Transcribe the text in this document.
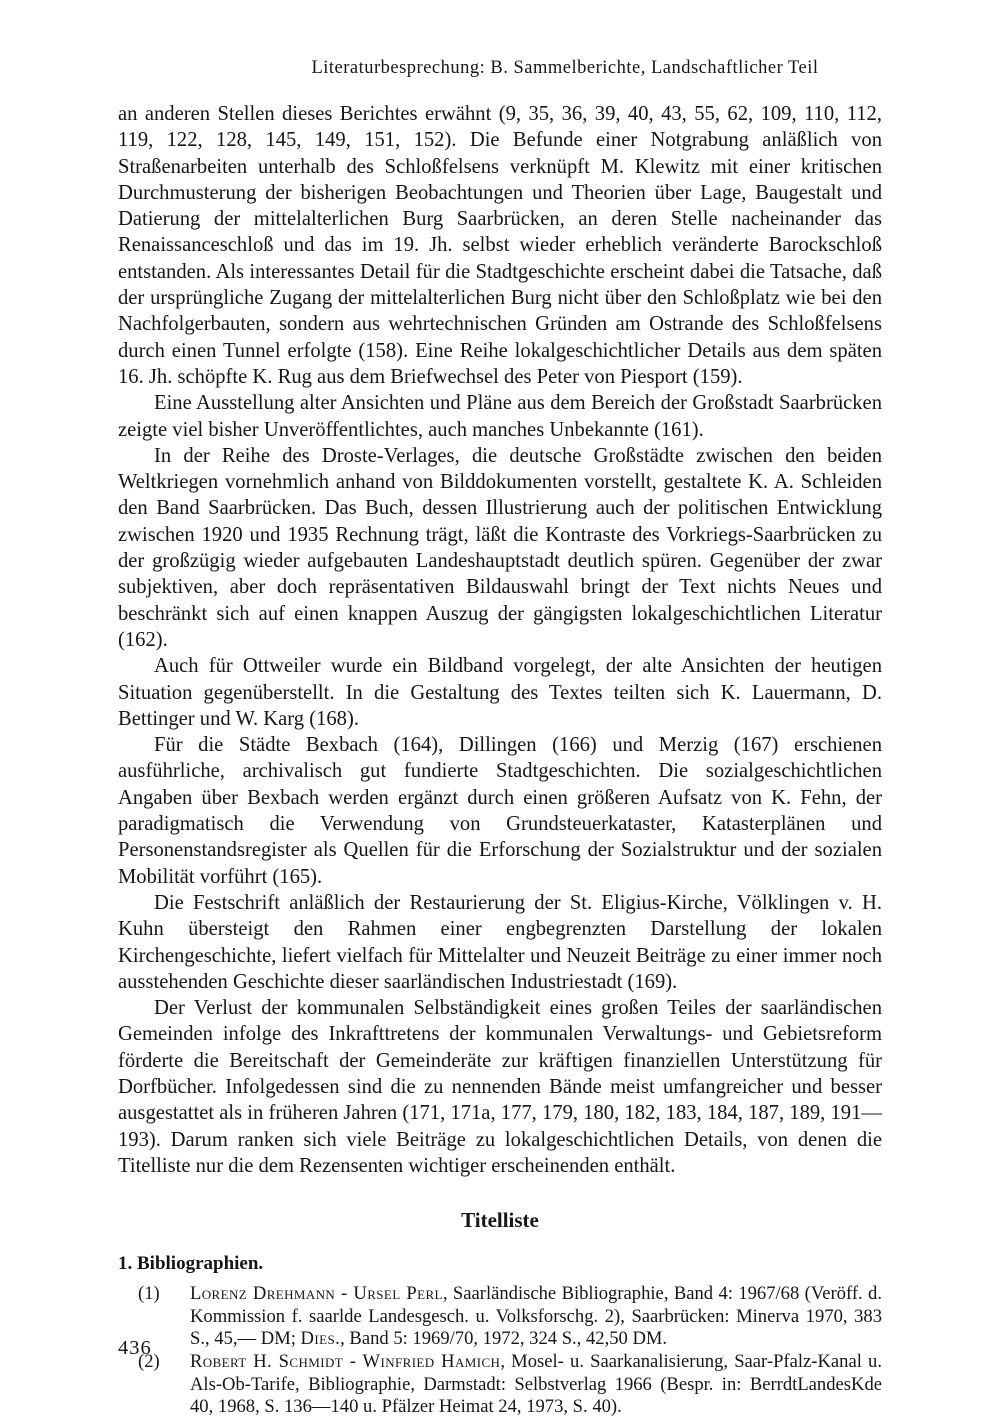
Literaturbesprechung: B. Sammelberichte, Landschaftlicher Teil

an anderen Stellen dieses Berichtes erwähnt (9, 35, 36, 39, 40, 43, 55, 62, 109, 110, 112, 119, 122, 128, 145, 149, 151, 152). Die Befunde einer Notgrabung anläßlich von Straßenarbeiten unterhalb des Schloßfelsens verknüpft M. Klewitz mit einer kritischen Durchmusterung der bisherigen Beobachtungen und Theorien über Lage, Baugestalt und Datierung der mittelalterlichen Burg Saarbrücken, an deren Stelle nacheinander das Renaissanceschloß und das im 19. Jh. selbst wieder erheblich veränderte Barockschloß entstanden. Als interessantes Detail für die Stadtgeschichte erscheint dabei die Tatsache, daß der ursprüngliche Zugang der mittelalterlichen Burg nicht über den Schloßplatz wie bei den Nachfolgerbauten, sondern aus wehrtechnischen Gründen am Ostrande des Schloßfelsens durch einen Tunnel erfolgte (158). Eine Reihe lokalgeschichtlicher Details aus dem späten 16. Jh. schöpfte K. Rug aus dem Briefwechsel des Peter von Piesport (159).

Eine Ausstellung alter Ansichten und Pläne aus dem Bereich der Großstadt Saarbrücken zeigte viel bisher Unveröffentlichtes, auch manches Unbekannte (161).

In der Reihe des Droste-Verlages, die deutsche Großstädte zwischen den beiden Weltkriegen vornehmlich anhand von Bilddokumenten vorstellt, gestaltete K. A. Schleiden den Band Saarbrücken. Das Buch, dessen Illustrierung auch der politischen Entwicklung zwischen 1920 und 1935 Rechnung trägt, läßt die Kontraste des Vorkriegs-Saarbrücken zu der großzügig wieder aufgebauten Landeshauptstadt deutlich spüren. Gegenüber der zwar subjektiven, aber doch repräsentativen Bildauswahl bringt der Text nichts Neues und beschränkt sich auf einen knappen Auszug der gängigsten lokalgeschichtlichen Literatur (162).

Auch für Ottweiler wurde ein Bildband vorgelegt, der alte Ansichten der heutigen Situation gegenüberstellt. In die Gestaltung des Textes teilten sich K. Lauermann, D. Bettinger und W. Karg (168).

Für die Städte Bexbach (164), Dillingen (166) und Merzig (167) erschienen ausführliche, archivalisch gut fundierte Stadtgeschichten. Die sozialgeschichtlichen Angaben über Bexbach werden ergänzt durch einen größeren Aufsatz von K. Fehn, der paradigmatisch die Verwendung von Grundsteuerkataster, Katasterplänen und Personenstandsregister als Quellen für die Erforschung der Sozialstruktur und der sozialen Mobilität vorführt (165).

Die Festschrift anläßlich der Restaurierung der St. Eligius-Kirche, Völklingen v. H. Kuhn übersteigt den Rahmen einer engbegrenzten Darstellung der lokalen Kirchengeschichte, liefert vielfach für Mittelalter und Neuzeit Beiträge zu einer immer noch ausstehenden Geschichte dieser saarländischen Industriestadt (169).

Der Verlust der kommunalen Selbständigkeit eines großen Teiles der saarländischen Gemeinden infolge des Inkrafttretens der kommunalen Verwaltungs- und Gebietsreform förderte die Bereitschaft der Gemeinderäte zur kräftigen finanziellen Unterstützung für Dorfbücher. Infolgedessen sind die zu nennenden Bände meist umfangreicher und besser ausgestattet als in früheren Jahren (171, 171a, 177, 179, 180, 182, 183, 184, 187, 189, 191—193). Darum ranken sich viele Beiträge zu lokalgeschichtlichen Details, von denen die Titelliste nur die dem Rezensenten wichtiger erscheinenden enthält.

Titelliste
1. Bibliographien.
(1) Lorenz Drehmann - Ursel Perl, Saarländische Bibliographie, Band 4: 1967/68 (Veröff. d. Kommission f. saarlde Landesgesch. u. Volksforschg. 2), Saarbrücken: Minerva 1970, 383 S., 45,— DM; Dies., Band 5: 1969/70, 1972, 324 S., 42,50 DM.
(2) Robert H. Schmidt - Winfried Hamich, Mosel- u. Saarkanalisierung, Saar-Pfalz-Kanal u. Als-Ob-Tarife, Bibliographie, Darmstadt: Selbstverlag 1966 (Bespr. in: BerrdtLandesKde 40, 1968, S. 136—140 u. Pfälzer Heimat 24, 1973, S. 40).
436
